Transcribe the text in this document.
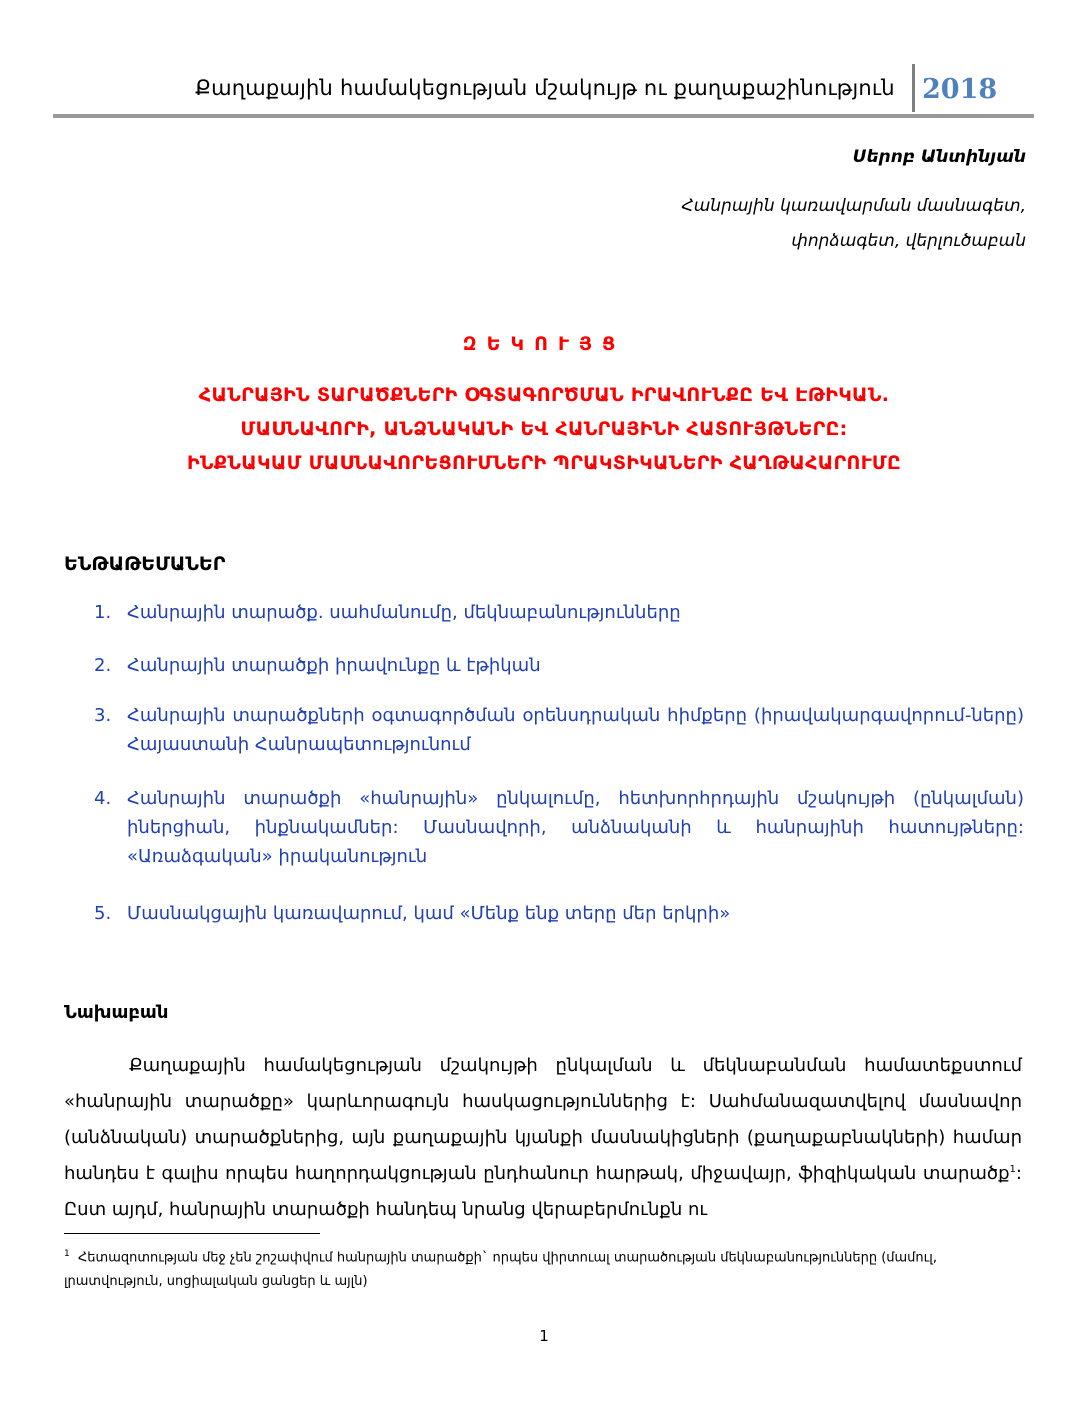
Քաղաքային համակեցության մշակույթ ու քաղաքաշինություն 2018
Սերոբ Անտինյան
Հանրային կառավարման մասնագետ,
փորձագետ, վերլուծաբան
ԶԵԿՈՒՅՑ
ՀԱՆՐԱՅԻՆ ՏԱՐԱԾՔՆԵՐԻ ՕԳՏԱԳՈՐԾՄԱՆ ԻՐԱՎՈՒՆՔԸ ԵՎ ԷԹԻԿԱՆ.
ՄԱՍՆԱՎՈՐԻ, ԱՆՁՆԱԿԱՆԻ ԵՎ ՀԱՆՐԱՅԻՆԻ ՀԱՏՈՒՅԹՆԵՐԸ:
ԻՆՔՆԱԿԱՄ ՄԱՍՆԱՎՈՐԵՑՈՒՄՆԵՐԻ ՊՐԱԿՏԻԿԱՆԵՐԻ ՀԱՂԹԱՀԱՐՈՒՄԸ
ԵՆԹԱԹԵՄԱՆԵՐ
1. Հանրային տարածք. սահմանումը, մեկնաբանությունները
2. Հանրային տարածքի իրավունքը և էթիկան
3. Հանրային տարածքների օգտագործման օրենսդրական հիմքերը (իրավակարգավորում-ները) Հայաստանի Հանրապետությունում
4. Հանրային տարածքի «հանրային» ընկալումը, հետխորհրդային մշակույթի (ընկալման) իներցիան, ինքնակամներ: Մասնավորի, անձնականի և հանրայինի հատույթները: «Առաձգական» իրականություն
5. Մասնակցային կառավարում, կամ «Մենք ենք տերը մեր երկրի»
Նախաբան

Քաղաքային համակեցության մշակույթի ընկալման և մեկնաբանման համատեքստում «հանրային տարածքը» կարևորագույն հասկացություններից է: Սահմանազատվելով մասնավոր (անձնական) տարածքներից, այն քաղաքային կյանքի մասնակիցների (քաղաքաբնակների) համար հանդես է գալիս որպես հաղորդակցության ընդհանուր հարթակ, միջավայր, ֆիզիկական տարածք$^1$: Ըստ այդմ, հանրային տարածքի հանդեպ նրանց վերաբերմունքն ու

$^1$ Հետազոտության մեջ չեն շոշափվում հանրային տարածքի` որպես վիրտուալ տարածության մեկնաբանությունները (մամուլ, լրատվություն, սոցիալական ցանցեր և այլն)
1
